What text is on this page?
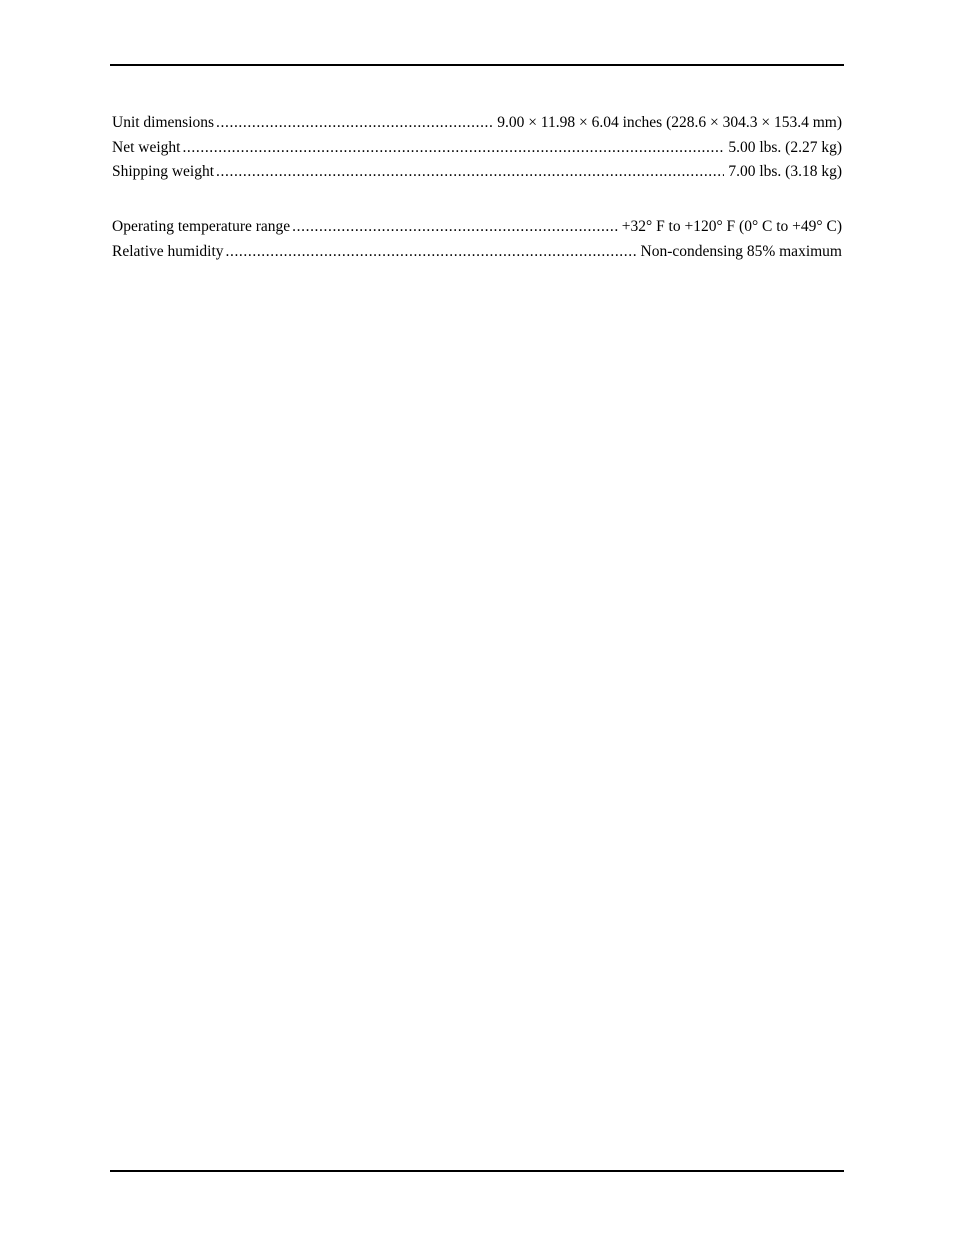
Unit dimensions .....	9.00 × 11.98 × 6.04 inches (228.6 × 304.3 × 153.4 mm)
Net weight .....	5.00 lbs. (2.27 kg)
Shipping weight .....	7.00 lbs. (3.18 kg)
Operating temperature range .....	+32° F to +120° F (0° C to +49° C)
Relative humidity .....	Non-condensing 85% maximum
